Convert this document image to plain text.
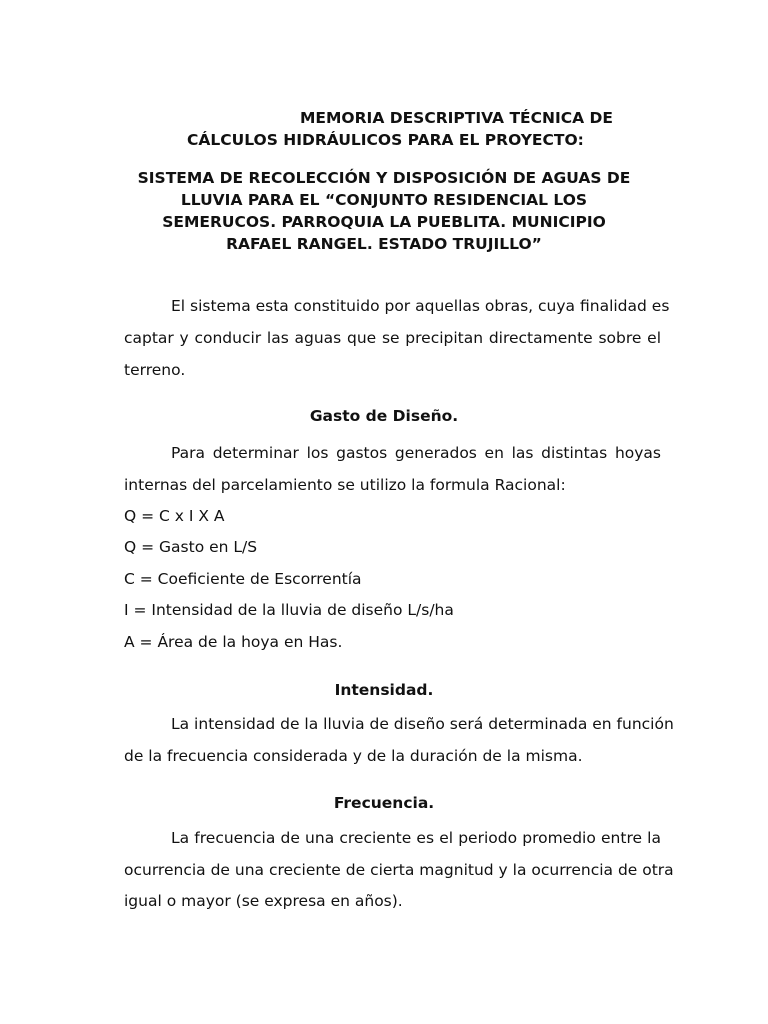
MEMORIA DESCRIPTIVA TÉCNICA DE
CÁLCULOS HIDRÁULICOS PARA EL PROYECTO:
SISTEMA DE RECOLECCIÓN Y DISPOSICIÓN DE AGUAS DE
LLUVIA PARA EL “CONJUNTO RESIDENCIAL LOS
SEMERUCOS. PARROQUIA LA PUEBLITA. MUNICIPIO
RAFAEL RANGEL. ESTADO TRUJILLO”
El sistema esta constituido por aquellas obras, cuya finalidad es
captar y conducir las aguas que se precipitan directamente sobre el
terreno.
Gasto de Diseño.
Para determinar los gastos generados en las distintas hoyas
internas del parcelamiento se utilizo la formula Racional:
Q = C x I X A
Q = Gasto en L/S
C = Coeficiente de Escorrentía
I = Intensidad de la lluvia de diseño L/s/ha
A = Área de la hoya en Has.
Intensidad.
La intensidad de la lluvia de diseño será determinada en función
de la frecuencia considerada y de la duración de la misma.
Frecuencia.
La frecuencia de una creciente es el periodo promedio entre la
ocurrencia de una creciente de cierta magnitud y la ocurrencia de otra
igual o mayor (se expresa en años).
